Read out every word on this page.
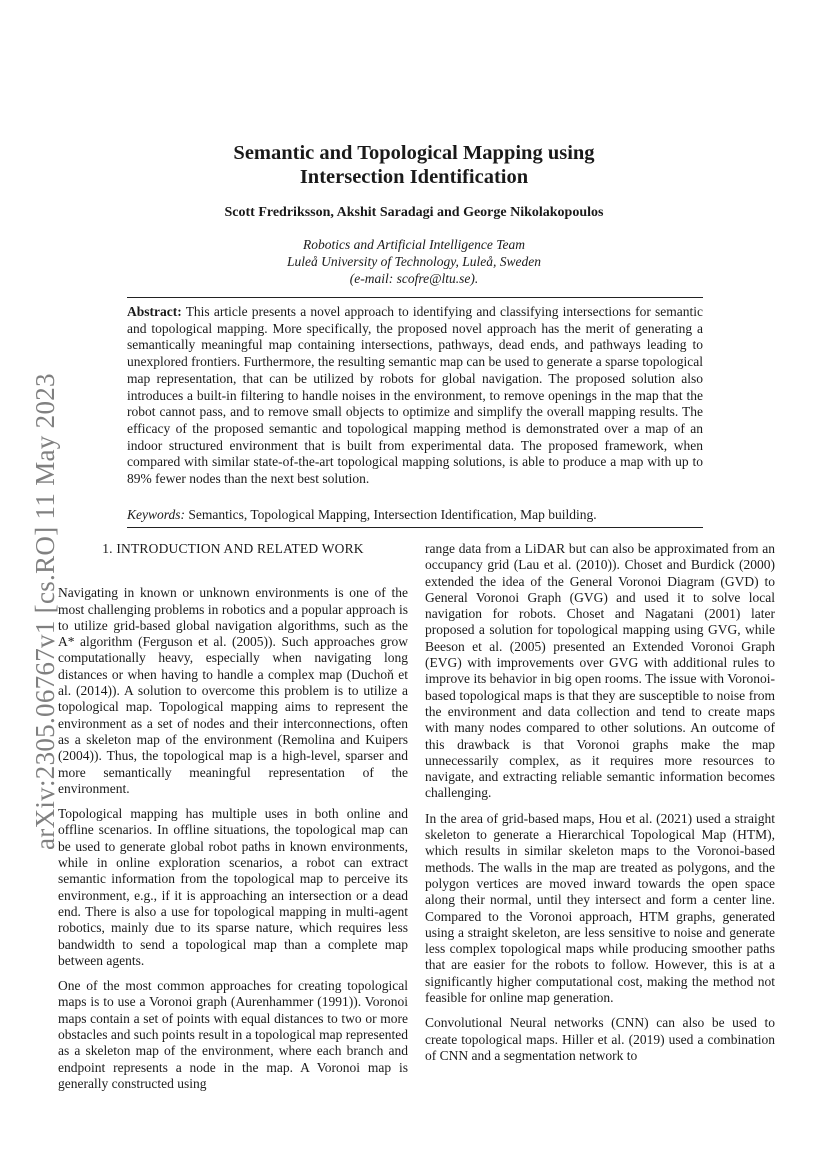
arXiv:2305.06767v1 [cs.RO] 11 May 2023
Semantic and Topological Mapping using
Intersection Identification
Scott Fredriksson, Akshit Saradagi and George Nikolakopoulos
Robotics and Artificial Intelligence Team
Luleå University of Technology, Luleå, Sweden
(e-mail: scofre@ltu.se).

Abstract: This article presents a novel approach to identifying and classifying intersections for semantic and topological mapping. More specifically, the proposed novel approach has the merit of generating a semantically meaningful map containing intersections, pathways, dead ends, and pathways leading to unexplored frontiers. Furthermore, the resulting semantic map can be used to generate a sparse topological map representation, that can be utilized by robots for global navigation. The proposed solution also introduces a built-in filtering to handle noises in the environment, to remove openings in the map that the robot cannot pass, and to remove small objects to optimize and simplify the overall mapping results. The efficacy of the proposed semantic and topological mapping method is demonstrated over a map of an indoor structured environment that is built from experimental data. The proposed framework, when compared with similar state-of-the-art topological mapping solutions, is able to produce a map with up to 89% fewer nodes than the next best solution.

Keywords: Semantics, Topological Mapping, Intersection Identification, Map building.

1. INTRODUCTION AND RELATED WORK

Navigating in known or unknown environments is one of the most challenging problems in robotics and a popular approach is to utilize grid-based global navigation algorithms, such as the A* algorithm (Ferguson et al. (2005)). Such approaches grow computationally heavy, especially when navigating long distances or when having to handle a complex map (Duchoň et al. (2014)). A solution to overcome this problem is to utilize a topological map. Topological mapping aims to represent the environment as a set of nodes and their interconnections, often as a skeleton map of the environment (Remolina and Kuipers (2004)). Thus, the topological map is a high-level, sparser and more semantically meaningful representation of the environment.

Topological mapping has multiple uses in both online and offline scenarios. In offline situations, the topological map can be used to generate global robot paths in known environments, while in online exploration scenarios, a robot can extract semantic information from the topological map to perceive its environment, e.g., if it is approaching an intersection or a dead end. There is also a use for topological mapping in multi-agent robotics, mainly due to its sparse nature, which requires less bandwidth to send a topological map than a complete map between agents.

One of the most common approaches for creating topological maps is to use a Voronoi graph (Aurenhammer (1991)). Voronoi maps contain a set of points with equal distances to two or more obstacles and such points result in a topological map represented as a skeleton map of the environment, where each branch and endpoint represents a node in the map. A Voronoi map is generally constructed using

range data from a LiDAR but can also be approximated from an occupancy grid (Lau et al. (2010)). Choset and Burdick (2000) extended the idea of the General Voronoi Diagram (GVD) to General Voronoi Graph (GVG) and used it to solve local navigation for robots. Choset and Nagatani (2001) later proposed a solution for topological mapping using GVG, while Beeson et al. (2005) presented an Extended Voronoi Graph (EVG) with improvements over GVG with additional rules to improve its behavior in big open rooms. The issue with Voronoi-based topological maps is that they are susceptible to noise from the environment and data collection and tend to create maps with many nodes compared to other solutions. An outcome of this drawback is that Voronoi graphs make the map unnecessarily complex, as it requires more resources to navigate, and extracting reliable semantic information becomes challenging.

In the area of grid-based maps, Hou et al. (2021) used a straight skeleton to generate a Hierarchical Topological Map (HTM), which results in similar skeleton maps to the Voronoi-based methods. The walls in the map are treated as polygons, and the polygon vertices are moved inward towards the open space along their normal, until they intersect and form a center line. Compared to the Voronoi approach, HTM graphs, generated using a straight skeleton, are less sensitive to noise and generate less complex topological maps while producing smoother paths that are easier for the robots to follow. However, this is at a significantly higher computational cost, making the method not feasible for online map generation.

Convolutional Neural networks (CNN) can also be used to create topological maps. Hiller et al. (2019) used a combination of CNN and a segmentation network to
